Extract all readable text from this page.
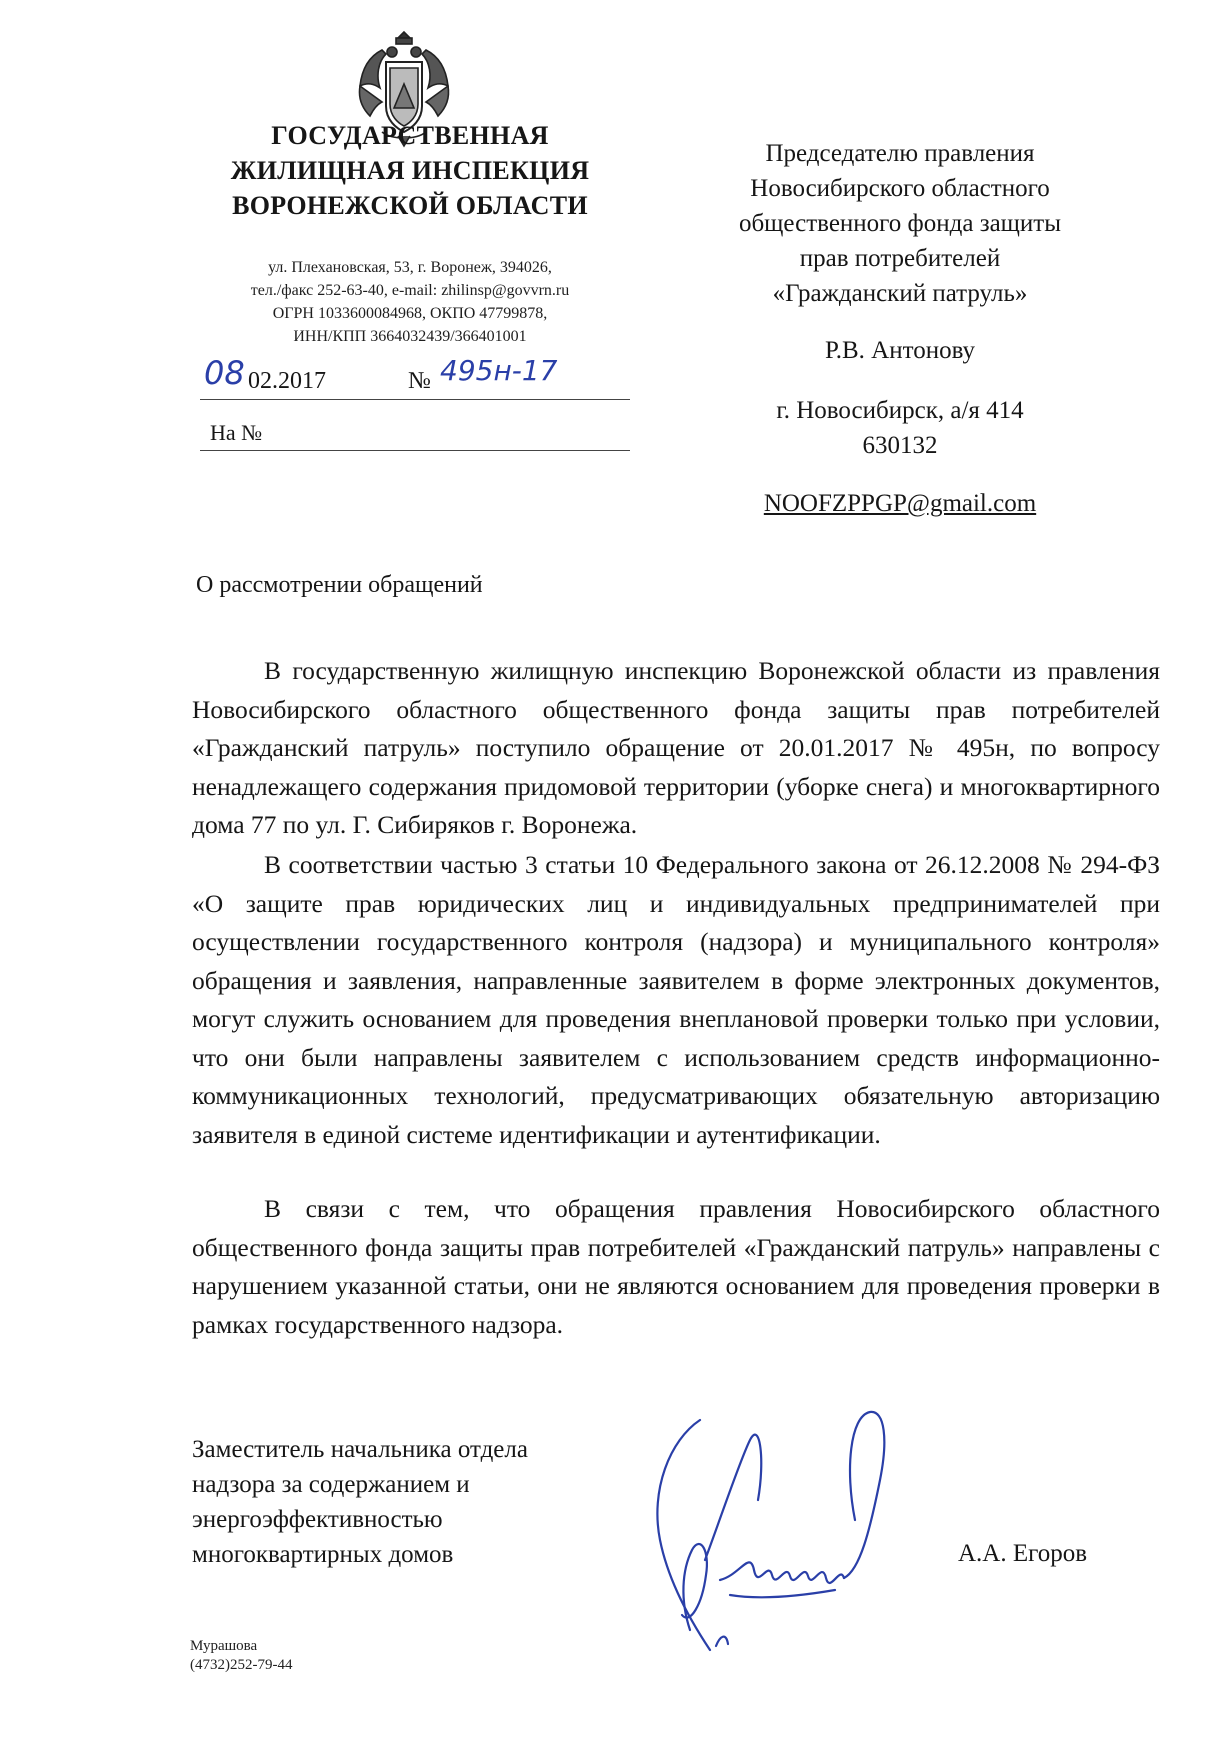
ГОСУДАРСТВЕННАЯ
ЖИЛИЩНАЯ ИНСПЕКЦИЯ
ВОРОНЕЖСКОЙ ОБЛАСТИ
ул. Плехановская, 53, г. Воронеж, 394026,
тел./факс 252-63-40, e-mail: zhilinsp@govvrn.ru
ОГРН 1033600084968, ОКПО 47799878,
ИНН/КПП 3664032439/366401001
08 02.2017	№ 495н-17
На №
Председателю правления
Новосибирского областного
общественного фонда защиты
прав потребителей
«Гражданский патруль»
Р.В. Антонову
г. Новосибирск, а/я 414
630132
NOOFZPPGP@gmail.com
О рассмотрении обращений
В государственную жилищную инспекцию Воронежской области из правления Новосибирского областного общественного фонда защиты прав потребителей «Гражданский патруль» поступило обращение от 20.01.2017 № 495н, по вопросу ненадлежащего содержания придомовой территории (уборке снега) и многоквартирного дома 77 по ул. Г. Сибиряков г. Воронежа.
В соответствии частью 3 статьи 10 Федерального закона от 26.12.2008 № 294-ФЗ «О защите прав юридических лиц и индивидуальных предпринимателей при осуществлении государственного контроля (надзора) и муниципального контроля» обращения и заявления, направленные заявителем в форме электронных документов, могут служить основанием для проведения внеплановой проверки только при условии, что они были направлены заявителем с использованием средств информационно-коммуникационных технологий, предусматривающих обязательную авторизацию заявителя в единой системе идентификации и аутентификации.
В связи с тем, что обращения правления Новосибирского областного общественного фонда защиты прав потребителей «Гражданский патруль» направлены с нарушением указанной статьи, они не являются основанием для проведения проверки в рамках государственного надзора.
Заместитель начальника отдела
надзора за содержанием и
энергоэффективностью
многоквартирных домов	А.А. Егоров
Мурашова
(4732)252-79-44
